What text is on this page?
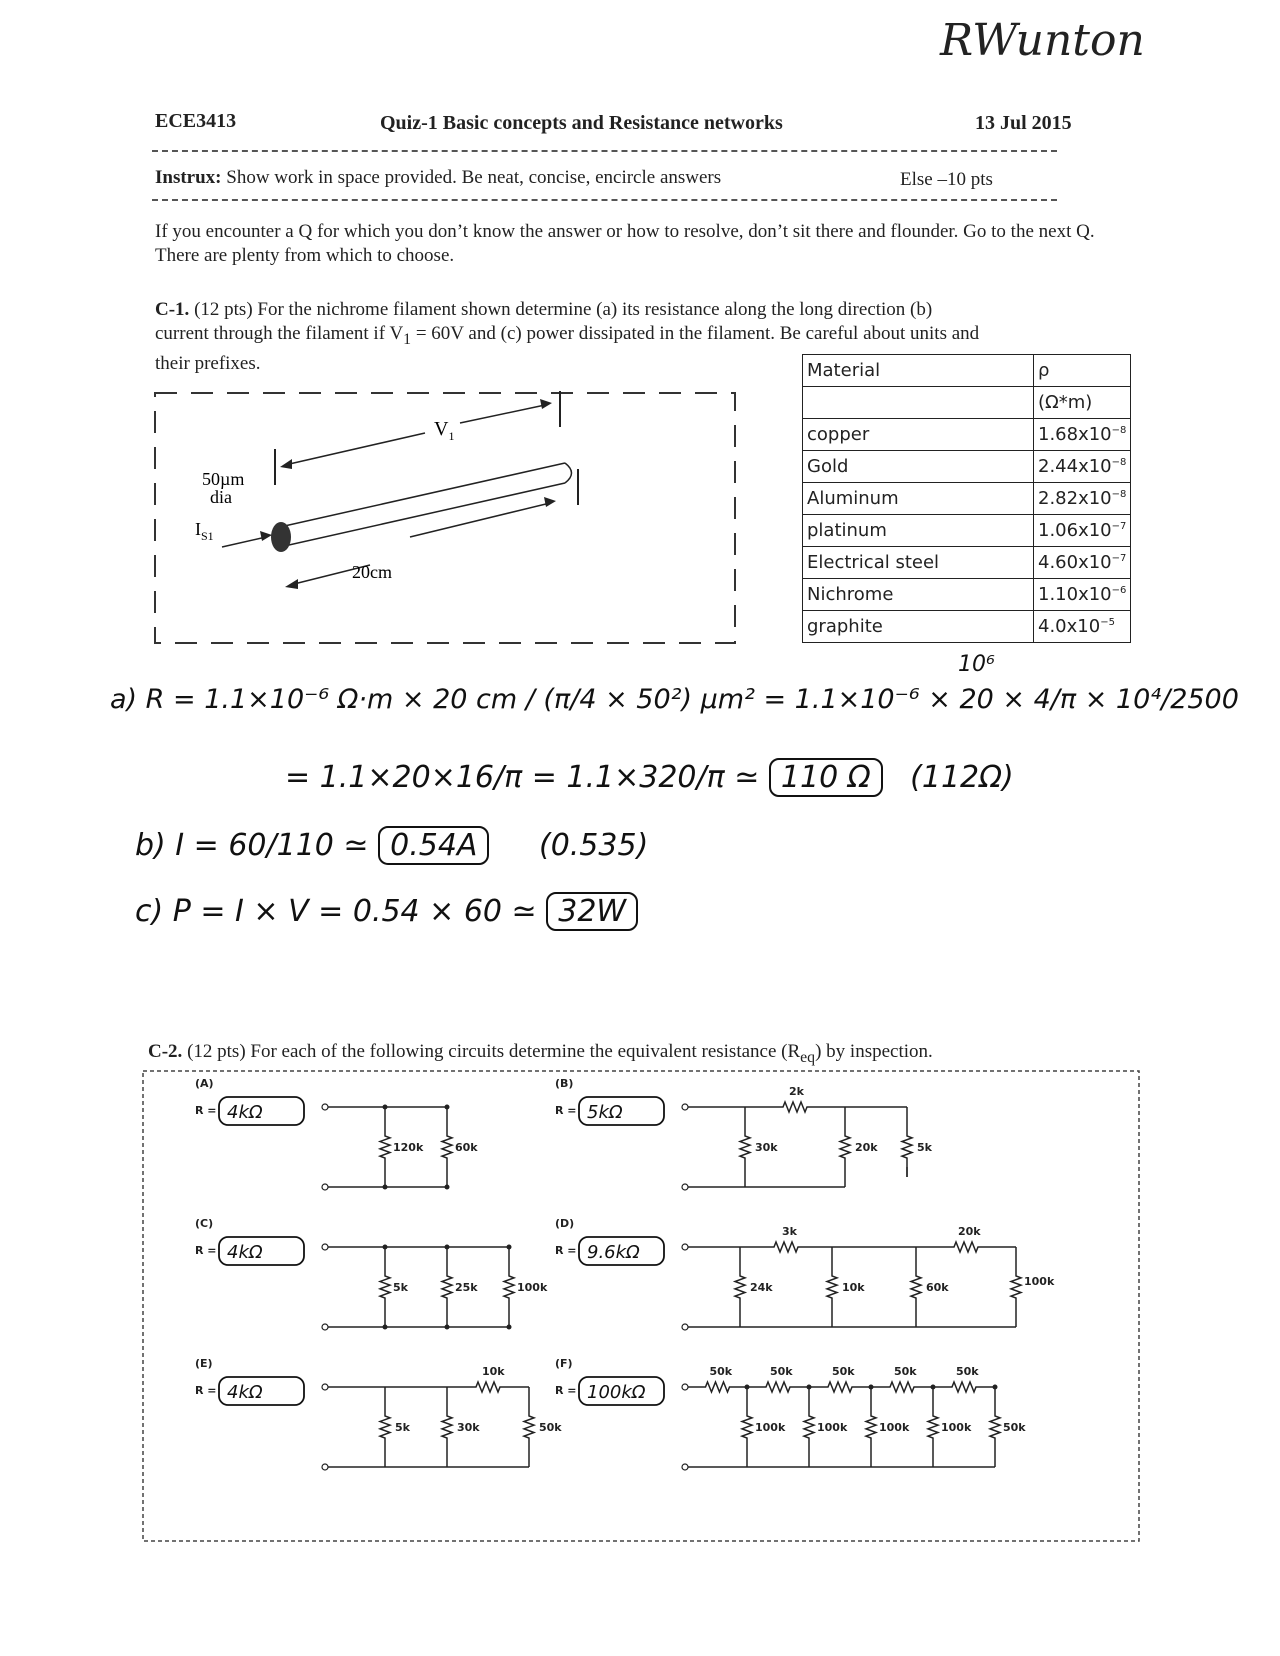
RWunton
ECE3413	Quiz-1 Basic concepts and Resistance networks	13 Jul 2015
Instrux: Show work in space provided. Be neat, concise, encircle answers	Else –10 pts
If you encounter a Q for which you don’t know the answer or how to resolve, don’t sit there and flounder. Go to the next Q. There are plenty from which to choose.
C-1. (12 pts) For the nichrome filament shown determine (a) its resistance along the long direction (b)
current through the filament if $V_1 = 60V$ and (c) power dissipated in the filament. Be careful about units and
their prefixes.
$V_1$
50µm
dia
$I_{S1}$
20cm
Material	ρ
	(Ω*m)
copper	$1.68x10^{-8}$
Gold	$2.44x10^{-8}$
Aluminum	$2.82x10^{-8}$
platinum	$1.06x10^{-7}$
Electrical steel	$4.60x10^{-7}$
Nichrome	$1.10x10^{-6}$
graphite	$4.0x10^{-5}$
10⁶
a) R = 1.1×10⁻⁶ Ω·m × 20 cm / (π/4 × 50²) µm² = 1.1×10⁻⁶ × 20 × 4/π × 10⁴/2500
= 1.1×20×16/π = 1.1×320/π ≃ 110 Ω (112Ω)
b) I = 60/110 ≃ 0.54A (0.535)
c) P = I × V = 0.54 × 60 ≃ 32W
C-2. (12 pts) For each of the following circuits determine the equivalent resistance $(R_{eq})$ by inspection.
(A)
R = 4kΩ
120k	60k
(B)
R = 5kΩ
30k
2k
20k	5k
(C)
R = 4kΩ
5k	25k	100k
(D)
R = 9.6kΩ
24k
3k
10k
20k
60k	100k
(E)
R = 4kΩ
5k	30k
10k
50k
(F)
R = 100kΩ
50k
100k
50k
100k
50k
100k
50k
100k
50k
50k
